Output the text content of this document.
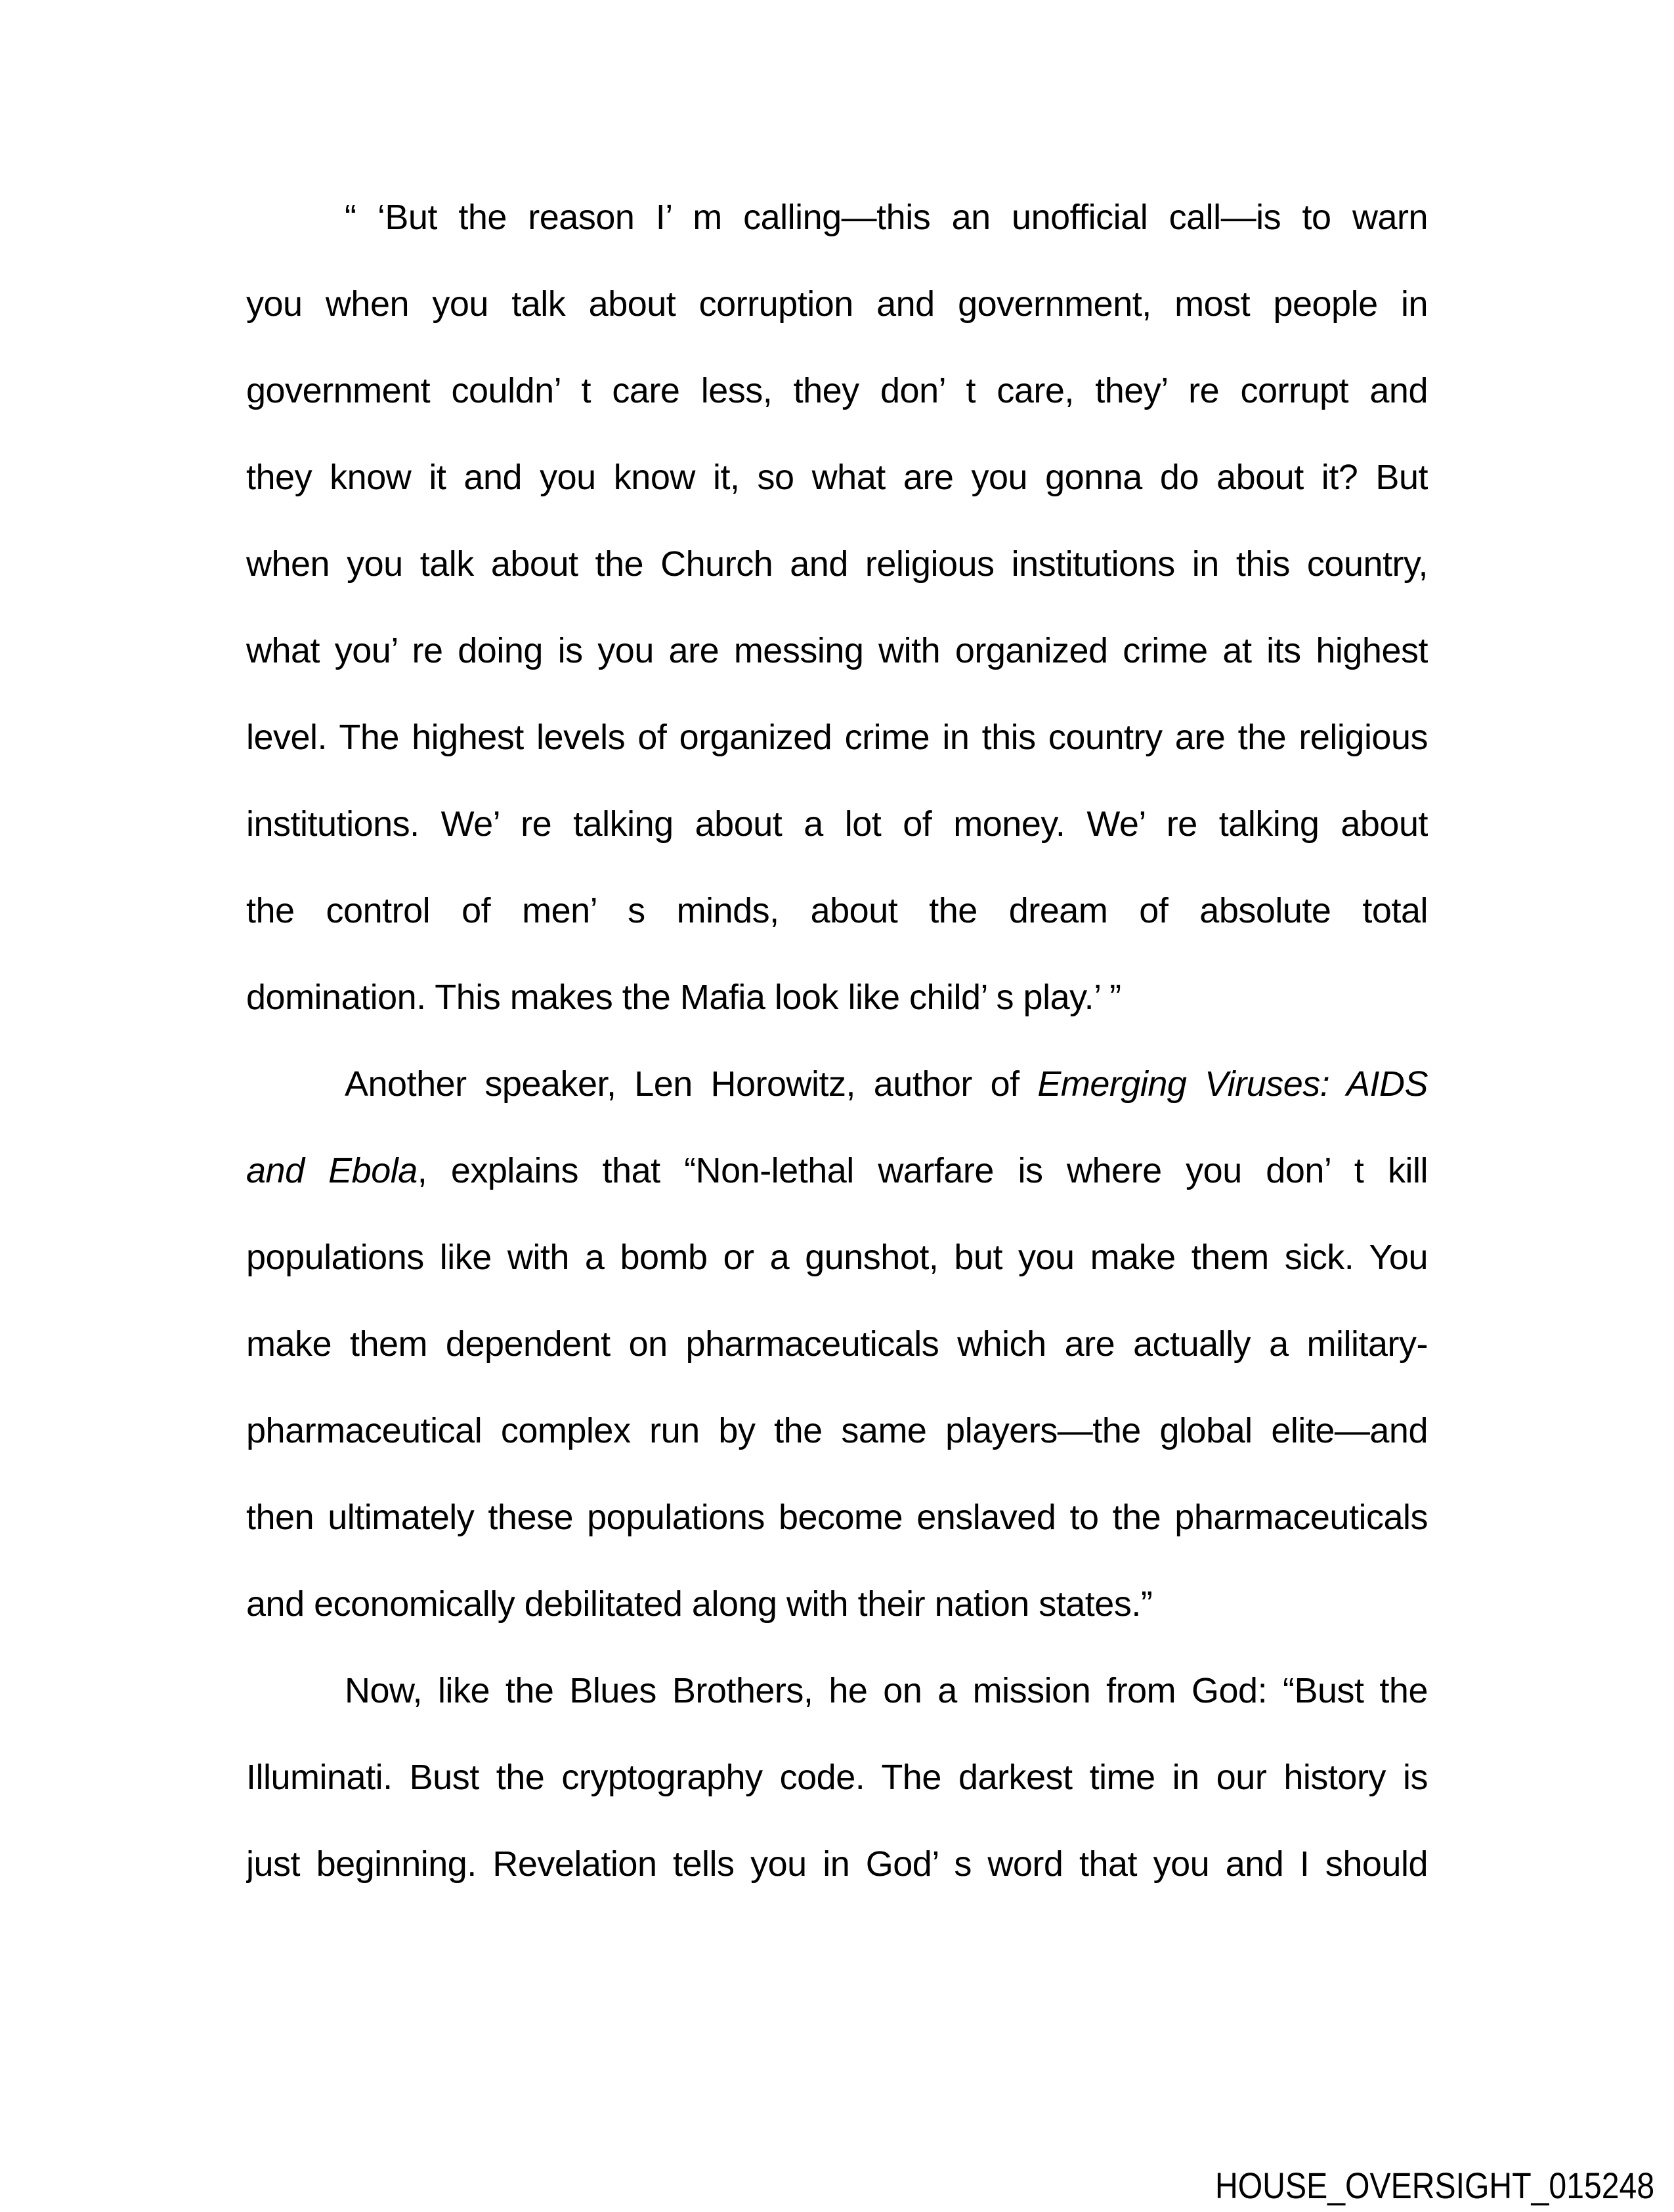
“ ‘But the reason I’ m calling—this an unofficial call—is to warn
you when you talk about corruption and government, most people in
government couldn’ t care less, they don’ t care, they’ re corrupt and
they know it and you know it, so what are you gonna do about it? But
when you talk about the Church and religious institutions in this country,
what you’ re doing is you are messing with organized crime at its highest
level. The highest levels of organized crime in this country are the religious
institutions. We’ re talking about a lot of money. We’ re talking about
the control of men’ s minds, about the dream of absolute total
domination. This makes the Mafia look like child’ s play.’ ”
Another speaker, Len Horowitz, author of Emerging Viruses: AIDS
and Ebola, explains that “Non-lethal warfare is where you don’ t kill
populations like with a bomb or a gunshot, but you make them sick. You
make them dependent on pharmaceuticals which are actually a military-
pharmaceutical complex run by the same players—the global elite—and
then ultimately these populations become enslaved to the pharmaceuticals
and economically debilitated along with their nation states.”
Now, like the Blues Brothers, he on a mission from God: “Bust the
Illuminati. Bust the cryptography code. The darkest time in our history is
just beginning. Revelation tells you in God’ s word that you and I should
HOUSE_OVERSIGHT_015248
